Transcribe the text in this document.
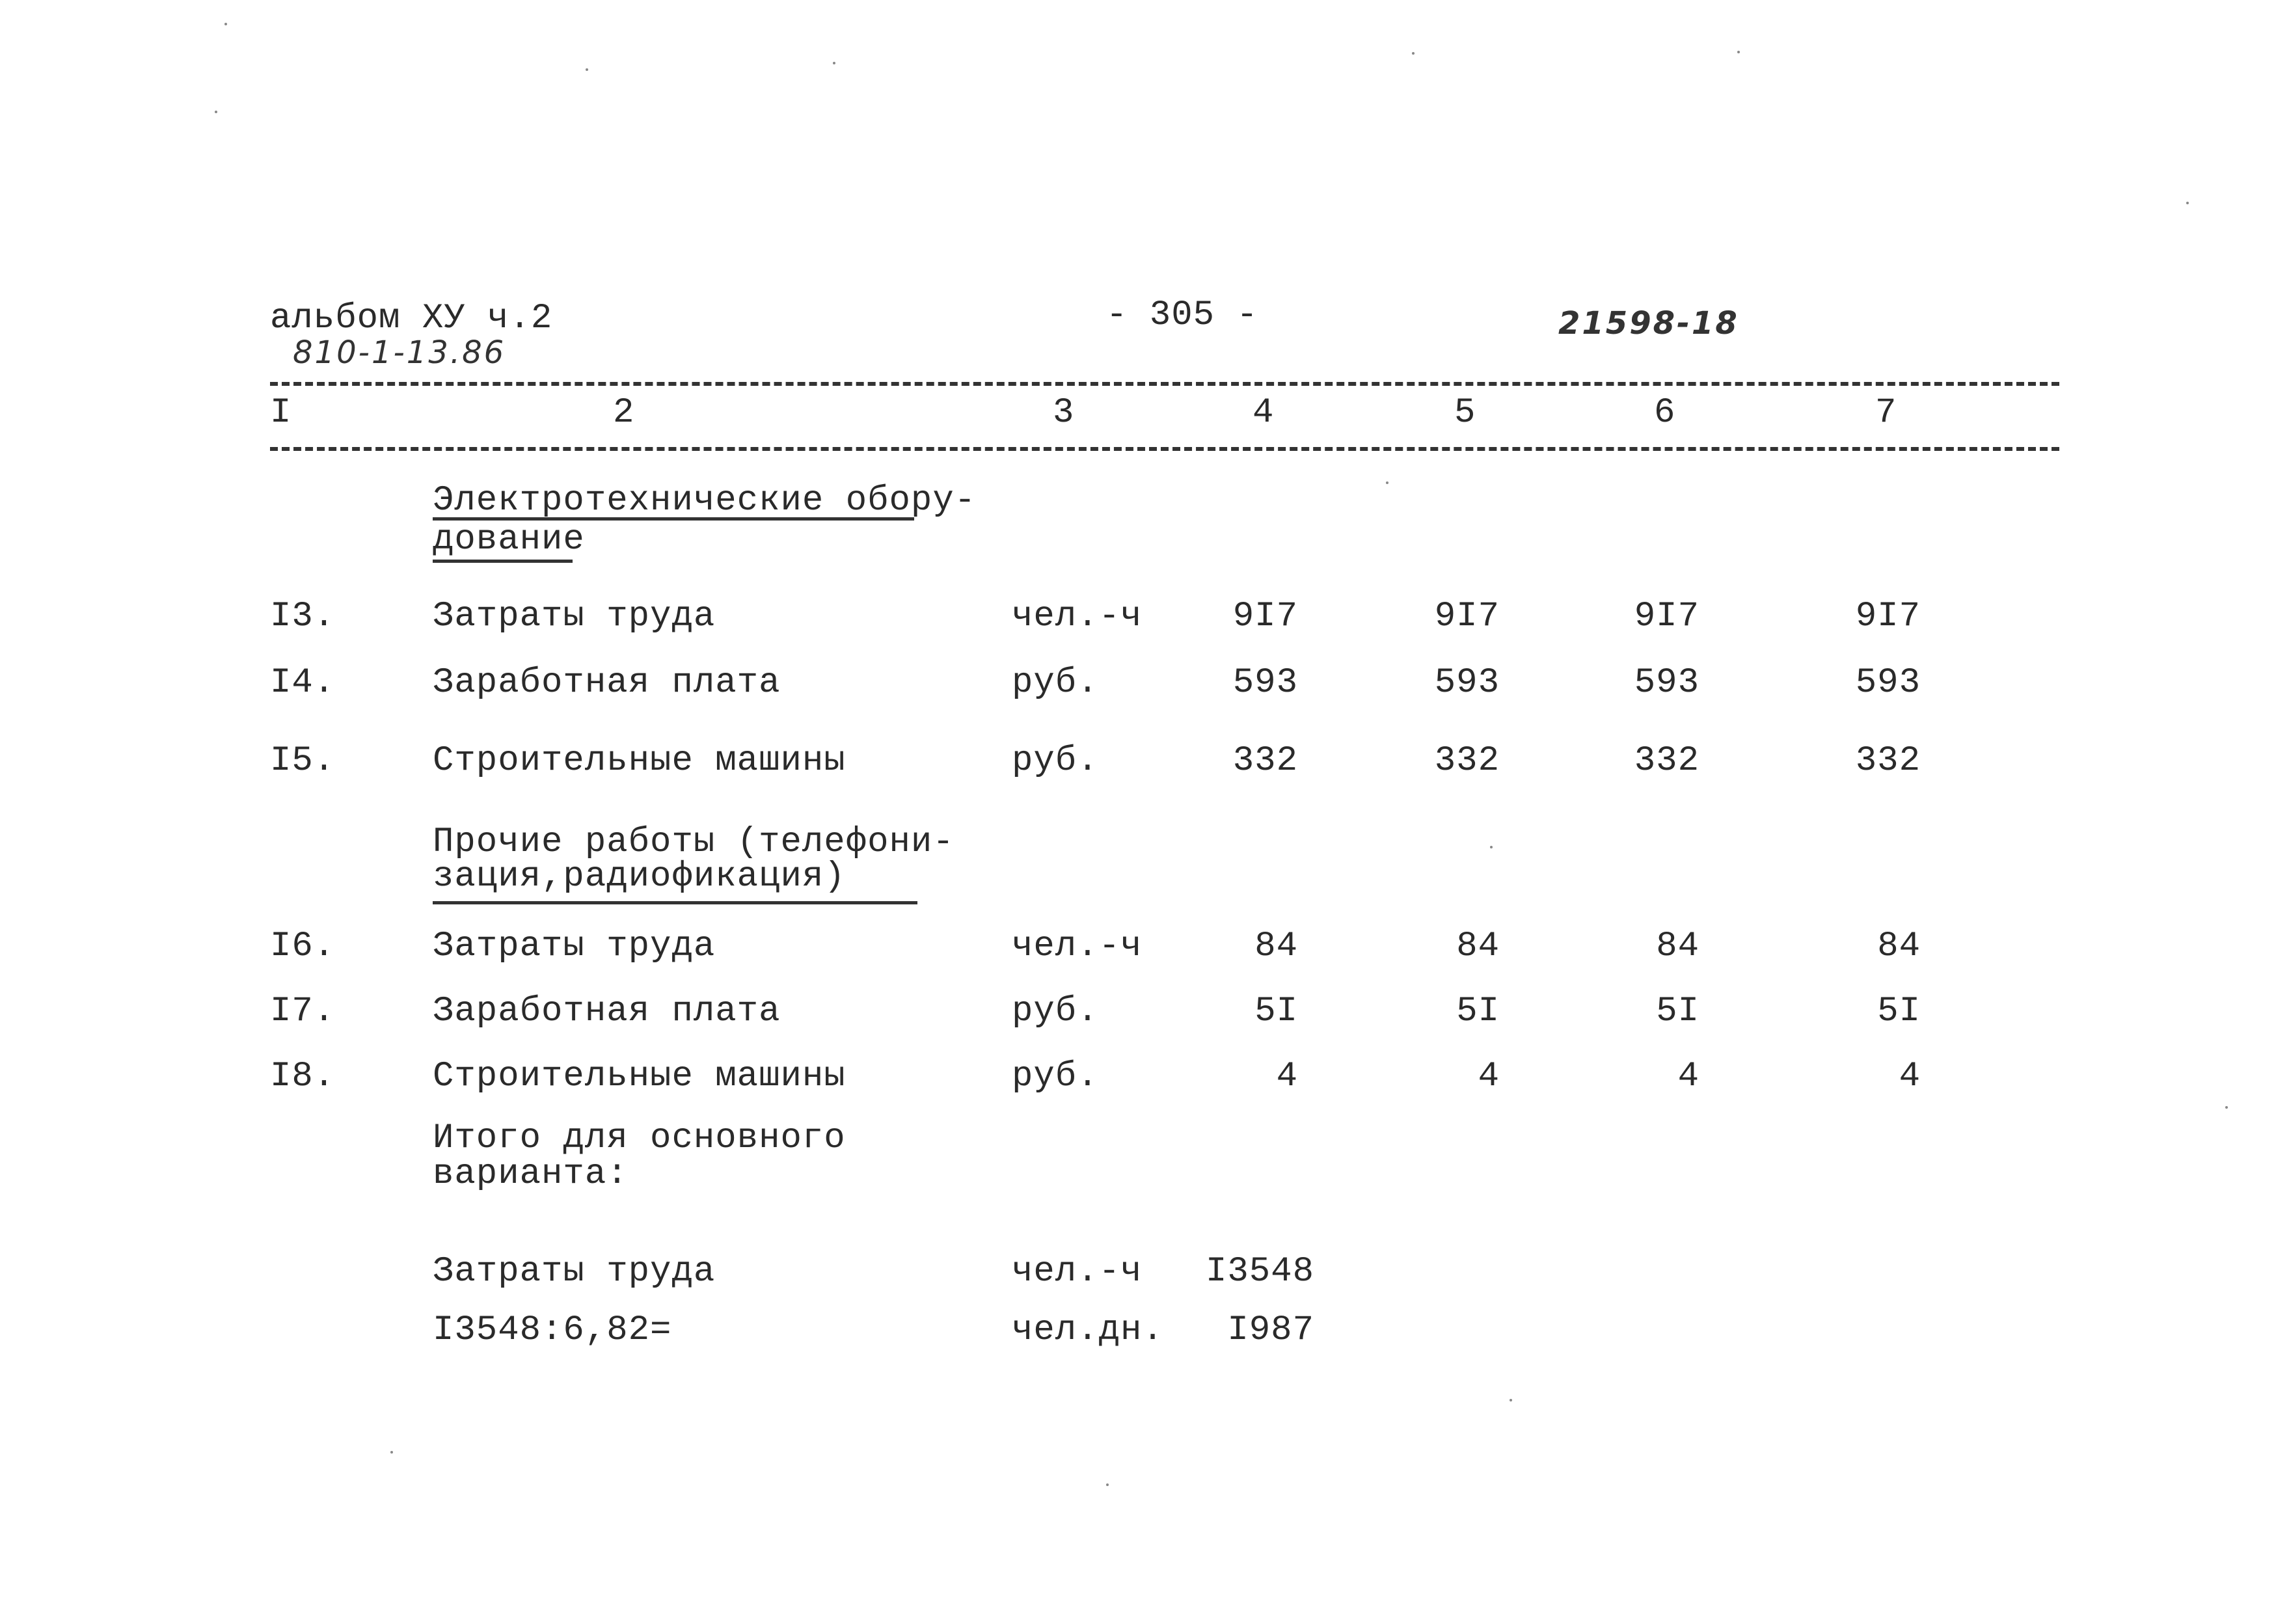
альбом XУ ч.2
810-1-13.86
- 305 -	21598-18
I	2	3	4	5	6	7
Электротехнические обору-
дование
I3.	Затраты труда	чел.-ч	9I7	9I7	9I7	9I7
I4.	Заработная плата	руб.	593	593	593	593
I5.	Строительные машины	руб.	332	332	332	332
Прочие работы (телефони-
зация,радиофикация)
I6.	Затраты труда	чел.-ч	84	84	84	84
I7.	Заработная плата	руб.	5I	5I	5I	5I
I8.	Строительные машины	руб.	4	4	4	4
Итого для основного
варианта:
Затраты труда	чел.-ч	I3548
I3548:6,82=	чел.дн.	I987
